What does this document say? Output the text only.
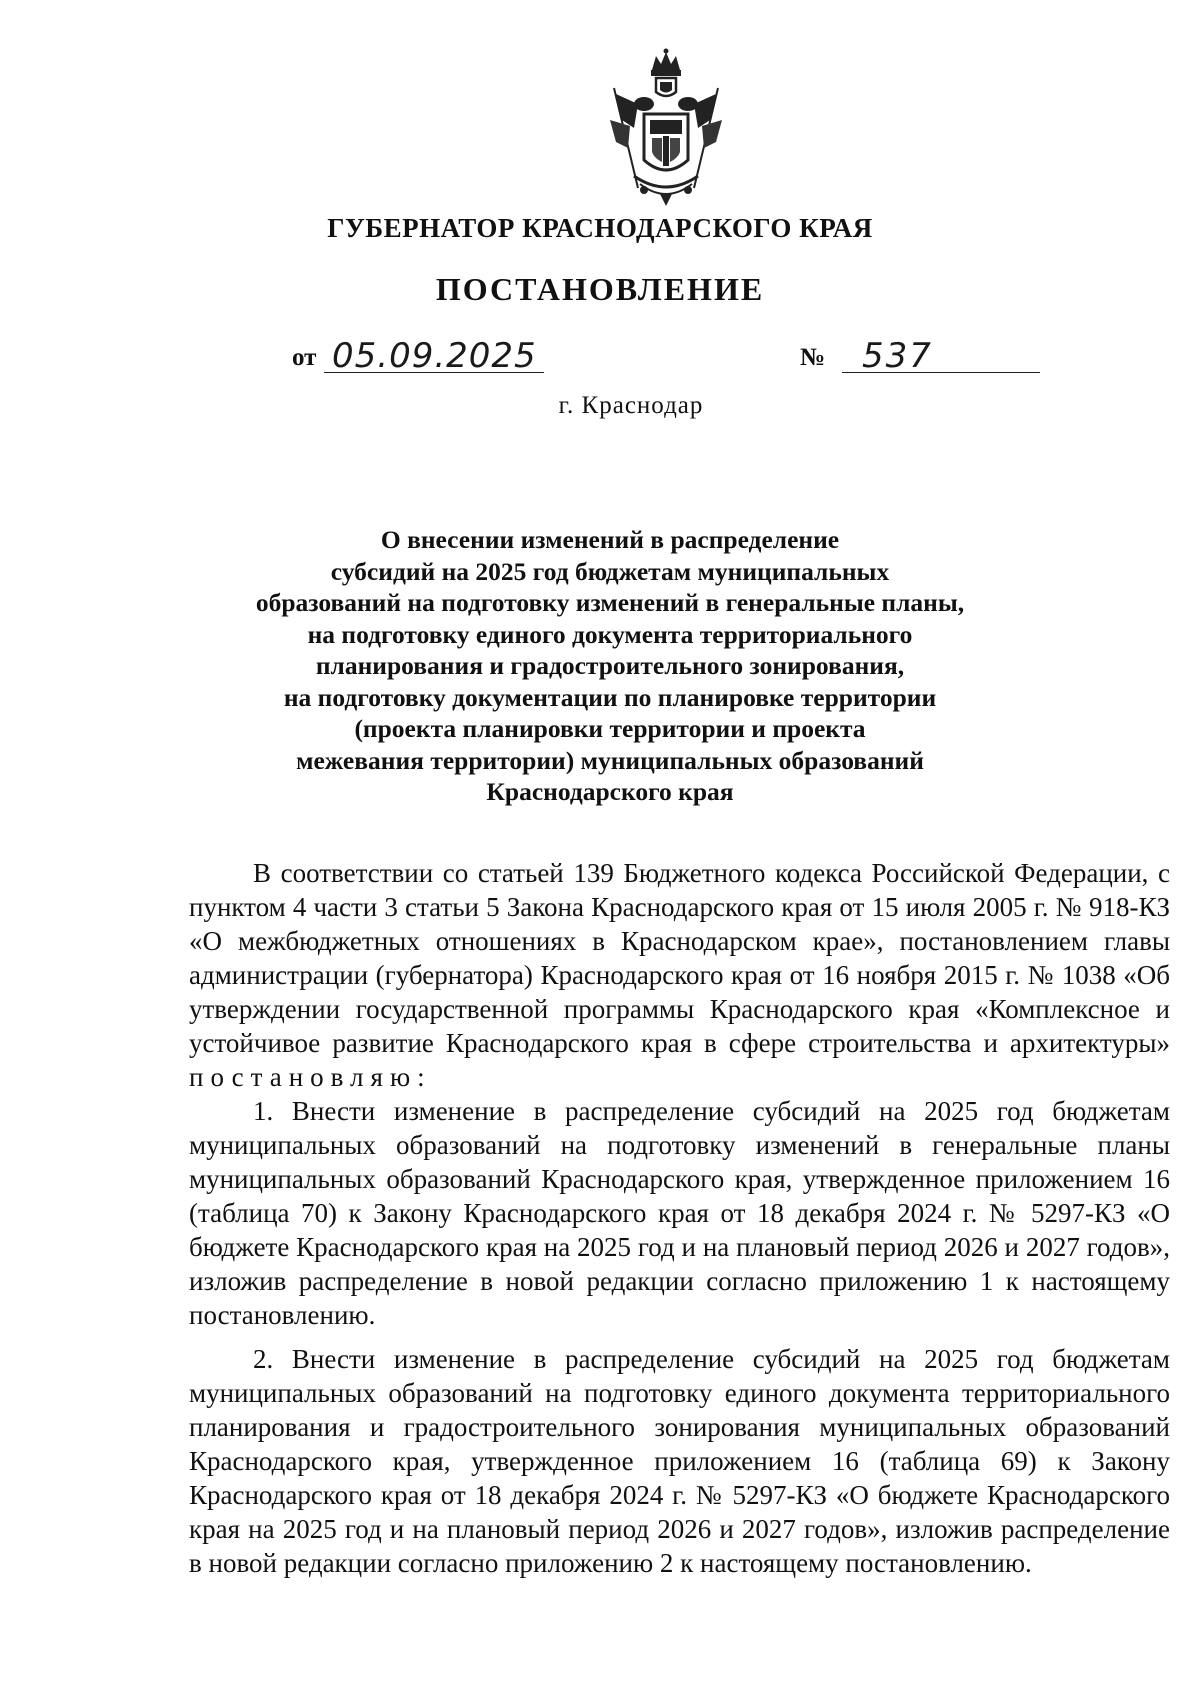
ГУБЕРНАТОР КРАСНОДАРСКОГО КРАЯ
ПОСТАНОВЛЕНИЕ
от 05.09.2025	№ 537
г. Краснодар
О внесении изменений в распределение
субсидий на 2025 год бюджетам муниципальных
образований на подготовку изменений в генеральные планы,
на подготовку единого документа территориального
планирования и градостроительного зонирования,
на подготовку документации по планировке территории
(проекта планировки территории и проекта
межевания территории) муниципальных образований
Краснодарского края

В соответствии со статьей 139 Бюджетного кодекса Российской Федерации, с пунктом 4 части 3 статьи 5 Закона Краснодарского края от 15 июля 2005 г. № 918-КЗ «О межбюджетных отношениях в Краснодарском крае», постановлением главы администрации (губернатора) Краснодарского края от 16 ноября 2015 г. № 1038 «Об утверждении государственной программы Краснодарского края «Комплексное и устойчивое развитие Краснодарского края в сфере строительства и архитектуры» постановляю:

1. Внести изменение в распределение субсидий на 2025 год бюджетам муниципальных образований на подготовку изменений в генеральные планы муниципальных образований Краснодарского края, утвержденное приложением 16 (таблица 70) к Закону Краснодарского края от 18 декабря 2024 г. № 5297-КЗ «О бюджете Краснодарского края на 2025 год и на плановый период 2026 и 2027 годов», изложив распределение в новой редакции согласно приложению 1 к настоящему постановлению.

2. Внести изменение в распределение субсидий на 2025 год бюджетам муниципальных образований на подготовку единого документа территориального планирования и градостроительного зонирования муниципальных образований Краснодарского края, утвержденное приложением 16 (таблица 69) к Закону Краснодарского края от 18 декабря 2024 г. № 5297-КЗ «О бюджете Краснодарского края на 2025 год и на плановый период 2026 и 2027 годов», изложив распределение в новой редакции согласно приложению 2 к настоящему постановлению.
